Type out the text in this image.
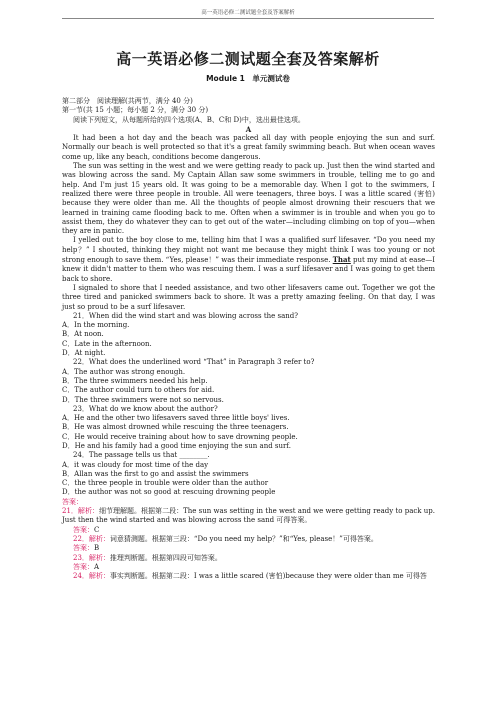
高一英语必修二测试题全套及答案解析
高一英语必修二测试题全套及答案解析
Module 1　单元测试卷

第二部分　阅读理解(共两节，满分 40 分)

第一节(共 15 小题；每小题 2 分，满分 30 分)

阅读下列短文，从每题所给的四个选项(A、B、C和 D)中，选出最佳选项。

A

It had been a hot day and the beach was packed all day with people enjoying the sun and surf. Normally our beach is well protected so that it's a great family swimming beach. But when ocean waves come up, like any beach, conditions become dangerous.

The sun was setting in the west and we were getting ready to pack up. Just then the wind started and was blowing across the sand. My Captain Allan saw some swimmers in trouble, telling me to go and help. And I'm just 15 years old. It was going to be a memorable day. When I got to the swimmers, I realized there were three people in trouble. All were teenagers, three boys. I was a little scared (害怕) because they were older than me. All the thoughts of people almost drowning their rescuers that we learned in training came flooding back to me. Often when a swimmer is in trouble and when you go to assist them, they do whatever they can to get out of the water—including climbing on top of you—when they are in panic.

I yelled out to the boy close to me, telling him that I was a qualified surf lifesaver. “Do you need my help？” I shouted, thinking they might not want me because they might think I was too young or not strong enough to save them. “Yes, please！” was their immediate response. That put my mind at ease—I knew it didn't matter to them who was rescuing them. I was a surf lifesaver and I was going to get them back to shore.

I signaled to shore that I needed assistance, and two other lifesavers came out. Together we got the three tired and panicked swimmers back to shore. It was a pretty amazing feeling. On that day, I was just so proud to be a surf lifesaver.

21．When did the wind start and was blowing across the sand?

A．In the morning.

B．At noon.

C．Late in the afternoon.

D．At night.

22．What does the underlined word “That” in Paragraph 3 refer to?

A．The author was strong enough.

B．The three swimmers needed his help.

C．The author could turn to others for aid.

D．The three swimmers were not so nervous.

23．What do we know about the author?

A．He and the other two lifesavers saved three little boys' lives.

B．He was almost drowned while rescuing the three teenagers.

C．He would receive training about how to save drowning people.

D．He and his family had a good time enjoying the sun and surf.

24．The passage tells us that ________.

A．it was cloudy for most time of the day

B．Allan was the first to go and assist the swimmers

C．the three people in trouble were older than the author

D．the author was not so good at rescuing drowning people

答案：

21．解析：细节理解题。根据第二段：The sun was setting in the west and we were getting ready to pack up. Just then the wind started and was blowing across the sand 可得答案。

答案：C

22．解析：词意猜测题。根据第三段：“Do you need my help？”和“Yes, please！”可得答案。

答案：B

23．解析：推理判断题。根据第四段可知答案。

答案：A

24．解析：事实判断题。根据第二段：I was a little scared (害怕)because they were older than me 可得答
